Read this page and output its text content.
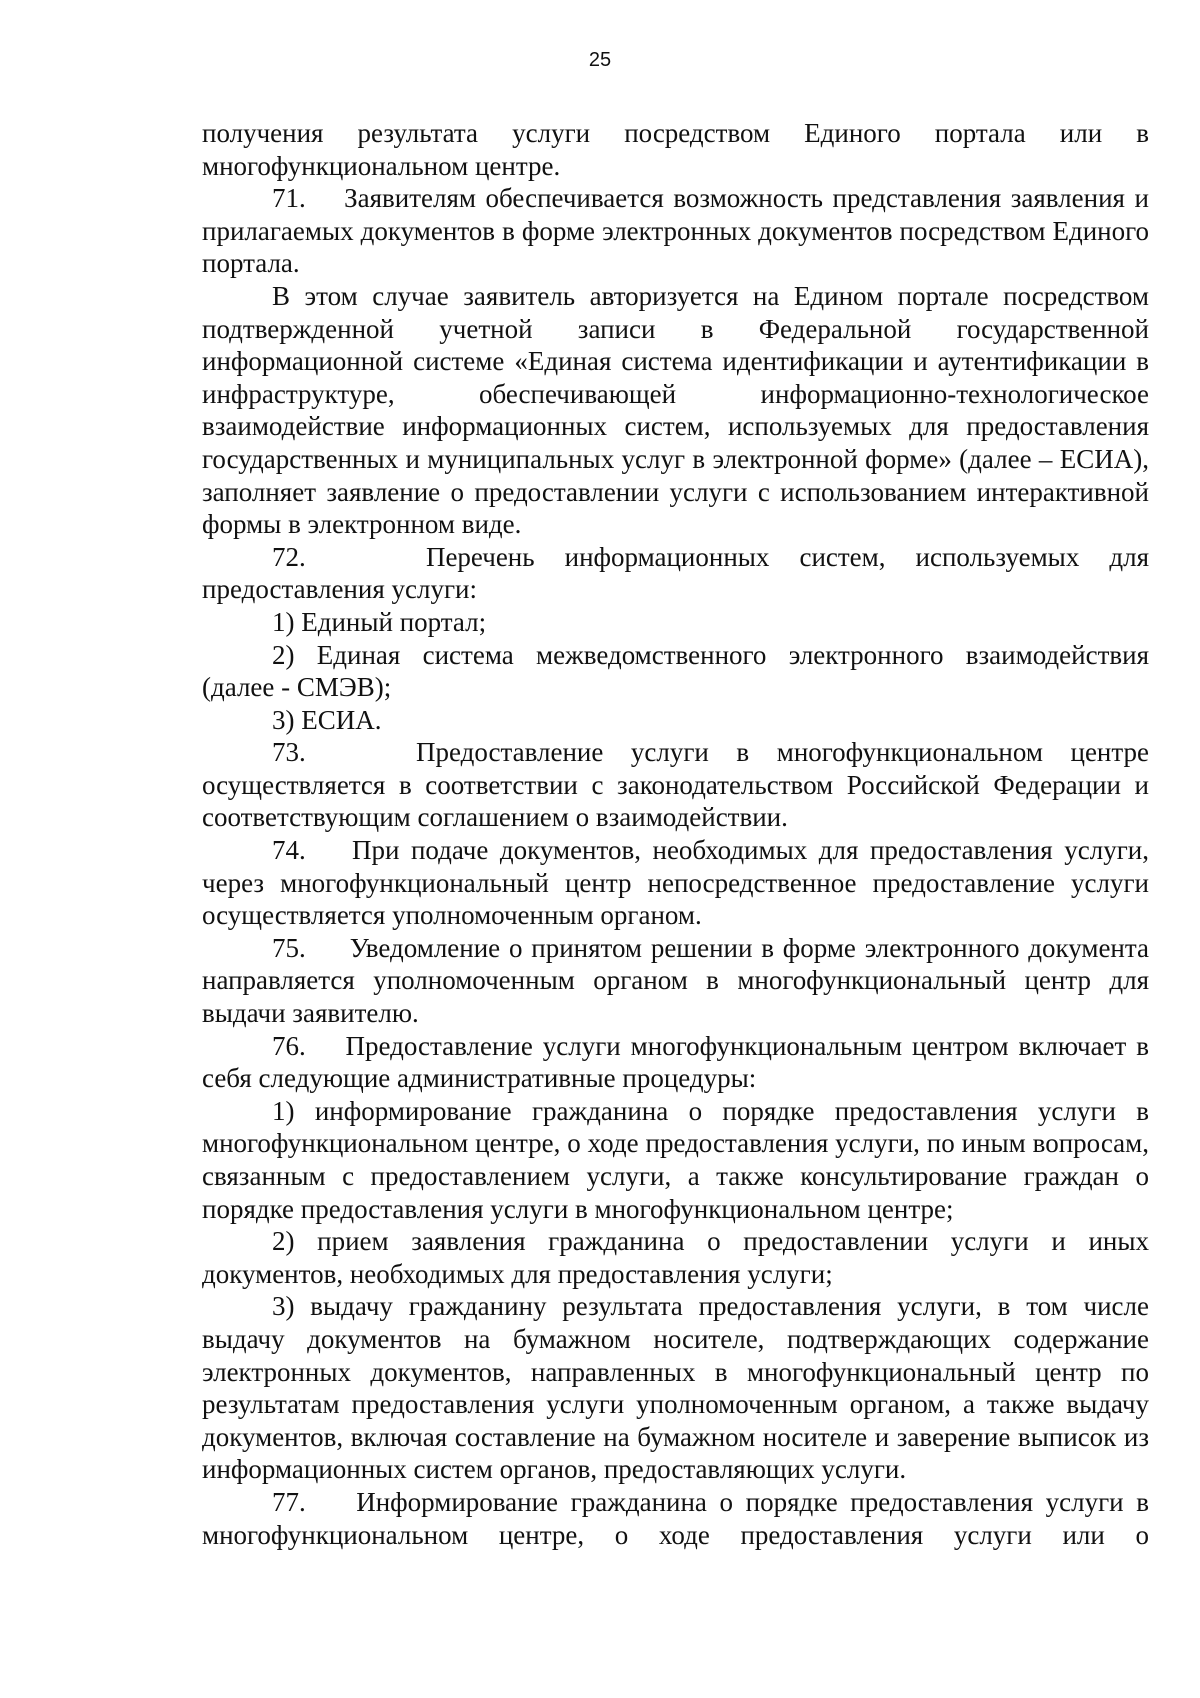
25

получения результата услуги посредством Единого портала или в многофункциональном центре.

71.    Заявителям обеспечивается возможность представления заявления и прилагаемых документов в форме электронных документов посредством Единого портала.

В этом случае заявитель авторизуется на Едином портале посредством подтвержденной учетной записи в Федеральной государственной информационной системе «Единая система идентификации и аутентификации в инфраструктуре, обеспечивающей информационно-технологическое взаимодействие информационных систем, используемых для предоставления государственных и муниципальных услуг в электронной форме» (далее – ЕСИА), заполняет заявление о предоставлении услуги с использованием интерактивной формы в электронном виде.

72.    Перечень информационных систем, используемых для предоставления услуги:

1) Единый портал;

2) Единая система межведомственного электронного взаимодействия (далее - СМЭВ);

3) ЕСИА.

73.    Предоставление услуги в многофункциональном центре осуществляется в соответствии с законодательством Российской Федерации и соответствующим соглашением о взаимодействии.

74.    При подаче документов, необходимых для предоставления услуги, через многофункциональный центр непосредственное предоставление услуги осуществляется уполномоченным органом.

75.     Уведомление о принятом решении в форме электронного документа направляется уполномоченным органом в многофункциональный центр для выдачи заявителю.

76.    Предоставление услуги многофункциональным центром включает в себя следующие административные процедуры:

1) информирование гражданина о порядке предоставления услуги в многофункциональном центре, о ходе предоставления услуги, по иным вопросам, связанным с предоставлением услуги, а также консультирование граждан о порядке предоставления услуги в многофункциональном центре;

2) прием заявления гражданина о предоставлении услуги и иных документов, необходимых для предоставления услуги;

3) выдачу гражданину результата предоставления услуги, в том числе выдачу документов на бумажном носителе, подтверждающих содержание электронных документов, направленных в многофункциональный центр по результатам предоставления услуги уполномоченным органом, а также выдачу документов, включая составление на бумажном носителе и заверение выписок из информационных систем органов, предоставляющих услуги.

77.    Информирование гражданина о порядке предоставления услуги в многофункциональном центре, о ходе предоставления услуги или о
